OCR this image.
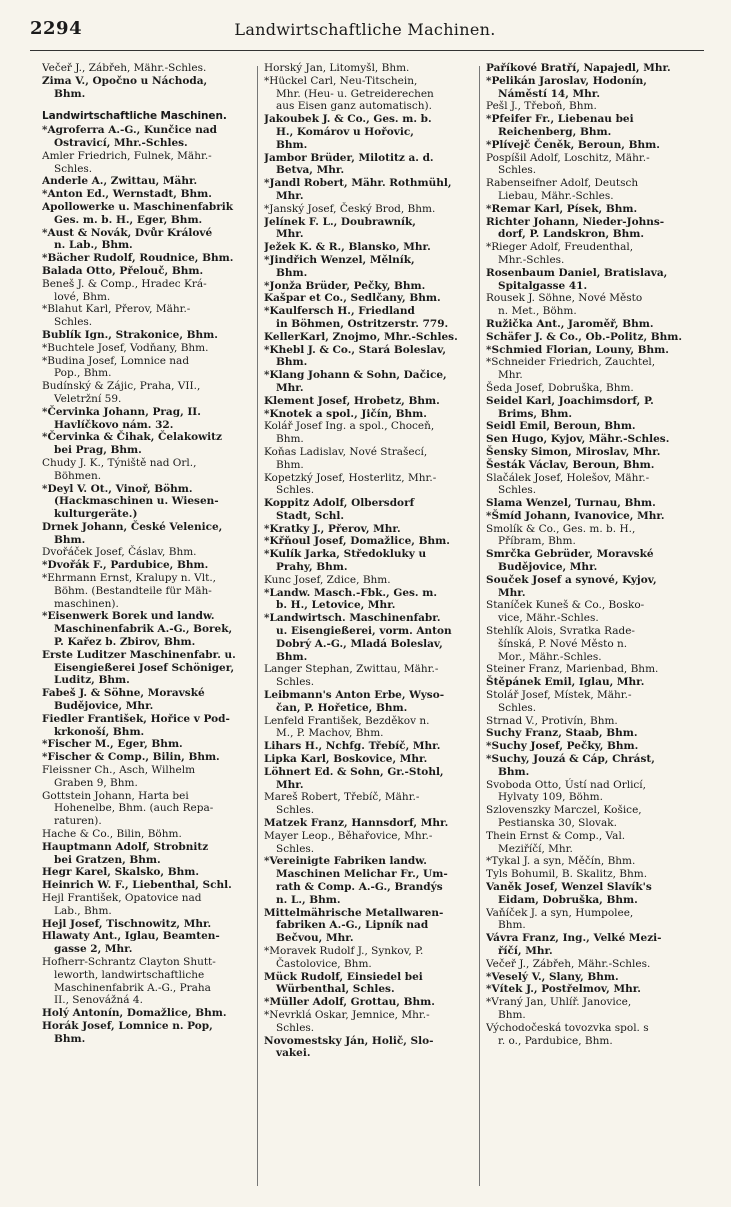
2294	Landwirtschaftliche Machinen.
Večeř J., Zábřeh, Mähr.-Schles.
Zima V., Opočno u Náchoda,
Bhm.
Landwirtschaftliche Maschinen.
*Agroferra A.-G., Kunčice nad
Ostravicí, Mhr.-Schles.
Amler Friedrich, Fulnek, Mähr.-
Schles.
Anderle A., Zwittau, Mähr.
*Anton Ed., Wernstadt, Bhm.
Apollowerke u. Maschinenfabrik
Ges. m. b. H., Eger, Bhm.
*Aust & Novák, Dvůr Králové
n. Lab., Bhm.
*Bächer Rudolf, Roudnice, Bhm.
Balada Otto, Přelouč, Bhm.
Beneš J. & Comp., Hradec Krá-
lové, Bhm.
*Blahut Karl, Přerov, Mähr.-
Schles.
Bublík Ign., Strakonice, Bhm.
*Buchtele Josef, Vodňany, Bhm.
*Budina Josef, Lomnice nad
Pop., Bhm.
Budínský & Zájic, Praha, VII.,
Veletržní 59.
*Červinka Johann, Prag, II.
Havlíčkovo nám. 32.
*Červinka & Čihak, Čelakowitz
bei Prag, Bhm.
Chudy J. K., Týniště nad Orl.,
Böhmen.
*Deyl V. Ot., Vinoř, Böhm.
(Hackmaschinen u. Wiesen-
kulturgeräte.)
Drnek Johann, České Velenice,
Bhm.
Dvořáček Josef, Čáslav, Bhm.
*Dvořák F., Pardubice, Bhm.
*Ehrmann Ernst, Kralupy n. Vlt.,
Böhm. (Bestandteile für Mäh-
maschinen).
*Eisenwerk Borek und landw.
Maschinenfabrik A.-G., Borek,
P. Kařez b. Zbirov, Bhm.
Erste Luditzer Maschinenfabr. u.
Eisengießerei Josef Schöniger,
Luditz, Bhm.
Fabeš J. & Söhne, Moravské
Budějovice, Mhr.
Fiedler František, Hořice v Pod-
krkonoší, Bhm.
*Fischer M., Eger, Bhm.
*Fischer & Comp., Bilin, Bhm.
Fleissner Ch., Asch, Wilhelm
Graben 9, Bhm.
Gottstein Johann, Harta bei
Hohenelbe, Bhm. (auch Repa-
raturen).
Hache & Co., Bilin, Böhm.
Hauptmann Adolf, Strobnitz
bei Gratzen, Bhm.
Hegr Karel, Skalsko, Bhm.
Heinrich W. F., Liebenthal, Schl.
Hejl František, Opatovice nad
Lab., Bhm.
Hejl Josef, Tischnowitz, Mhr.
Hlawaty Ant., Iglau, Beamten-
gasse 2, Mhr.
Hofherr-Schrantz Clayton Shutt-
leworth, landwirtschaftliche
Maschinenfabrik A.-G., Praha
II., Senovážná 4.
Holý Antonín, Domažlice, Bhm.
Horák Josef, Lomnice n. Pop,
Bhm.
Horský Jan, Litomyšl, Bhm.
*Hückel Carl, Neu-Titschein,
Mhr. (Heu- u. Getreiderechen
aus Eisen ganz automatisch).
Jakoubek J. & Co., Ges. m. b.
H., Komárov u Hořovic,
Bhm.
Jambor Brüder, Milotitz a. d.
Betva, Mhr.
*Jandl Robert, Mähr. Rothmühl,
Mhr.
*Janský Josef, Český Brod, Bhm.
Jelínek F. L., Doubrawník,
Mhr.
Ježek K. & R., Blansko, Mhr.
*Jindřich Wenzel, Mělník,
Bhm.
*Jonža Brüder, Pečky, Bhm.
Kašpar et Co., Sedlčany, Bhm.
*Kaulfersch H., Friedland
in Böhmen, Ostritzerstr. 779.
KellerKarl, Znojmo, Mhr.-Schles.
*Khebl J. & Co., Stará Boleslav,
Bhm.
*Klang Johann & Sohn, Dačice,
Mhr.
Klement Josef, Hrobetz, Bhm.
*Knotek a spol., Jičín, Bhm.
Kolář Josef Ing. a spol., Choceň,
Bhm.
Koňas Ladislav, Nové Strašecí,
Bhm.
Kopetzký Josef, Hosterlitz, Mhr.-
Schles.
Koppitz Adolf, Olbersdorf
Stadt, Schl.
*Kratky J., Přerov, Mhr.
*Křňoul Josef, Domažlice, Bhm.
*Kulík Jarka, Středokluky u
Prahy, Bhm.
Kunc Josef, Zdice, Bhm.
*Landw. Masch.-Fbk., Ges. m.
b. H., Letovice, Mhr.
*Landwirtsch. Maschinenfabr.
u. Eisengießerei, vorm. Anton
Dobrý A.-G., Mladá Boleslav,
Bhm.
Langer Stephan, Zwittau, Mähr.-
Schles.
Leibmann's Anton Erbe, Wyso-
čan, P. Hořetice, Bhm.
Lenfeld František, Bezděkov n.
M., P. Machov, Bhm.
Lihars H., Nchfg. Třebíč, Mhr.
Lipka Karl, Boskovice, Mhr.
Löhnert Ed. & Sohn, Gr.-Stohl,
Mhr.
Mareš Robert, Třebíč, Mähr.-
Schles.
Matzek Franz, Hannsdorf, Mhr.
Mayer Leop., Běhařovice, Mhr.-
Schles.
*Vereinigte Fabriken landw.
Maschinen Melichar Fr., Um-
rath & Comp. A.-G., Brandýs
n. L., Bhm.
Mittelmährische Metallwaren-
fabriken A.-G., Lipník nad
Bečvou, Mhr.
*Moravek Rudolf J., Synkov, P.
Častolovice, Bhm.
Mück Rudolf, Einsiedel bei
Würbenthal, Schles.
*Müller Adolf, Grottau, Bhm.
*Nevrklá Oskar, Jemnice, Mhr.-
Schles.
Novomestsky Ján, Holič, Slo-
vakei.
Paříkové Bratří, Napajedl, Mhr.
*Pelikán Jaroslav, Hodonín,
Náměstí 14, Mhr.
Pešl J., Třeboň, Bhm.
*Pfeifer Fr., Liebenau bei
Reichenberg, Bhm.
*Plívejč Čeněk, Beroun, Bhm.
Pospíšil Adolf, Loschitz, Mähr.-
Schles.
Rabenseifner Adolf, Deutsch
Liebau, Mähr.-Schles.
*Remar Karl, Písek, Bhm.
Richter Johann, Nieder-Johns-
dorf, P. Landskron, Bhm.
*Rieger Adolf, Freudenthal,
Mhr.-Schles.
Rosenbaum Daniel, Bratislava,
Spitalgasse 41.
Rousek J. Söhne, Nové Město
n. Met., Böhm.
Ružička Ant., Jaroměř, Bhm.
Schäfer J. & Co., Ob.-Politz, Bhm.
*Schmied Florian, Louny, Bhm.
*Schneider Friedrich, Zauchtel,
Mhr.
Šeda Josef, Dobruška, Bhm.
Seidel Karl, Joachimsdorf, P.
Brims, Bhm.
Seidl Emil, Beroun, Bhm.
Sen Hugo, Kyjov, Mähr.-Schles.
Šensky Simon, Miroslav, Mhr.
Šesták Václav, Beroun, Bhm.
Slačálek Josef, Holešov, Mähr.-
Schles.
Slama Wenzel, Turnau, Bhm.
*Šmíd Johann, Ivanovice, Mhr.
Smolík & Co., Ges. m. b. H.,
Příbram, Bhm.
Smrčka Gebrüder, Moravské
Budějovice, Mhr.
Souček Josef a synové, Kyjov,
Mhr.
Staníček Kuneš & Co., Bosko-
vice, Mähr.-Schles.
Stehlík Alois, Svratka Rade-
šínská, P. Nové Město n.
Mor., Mähr.-Schles.
Steiner Franz, Marienbad, Bhm.
Štěpánek Emil, Iglau, Mhr.
Stolář Josef, Místek, Mähr.-
Schles.
Strnad V., Protivín, Bhm.
Suchy Franz, Staab, Bhm.
*Suchy Josef, Pečky, Bhm.
*Suchy, Jouzá & Cáp, Chrást,
Bhm.
Svoboda Otto, Ústí nad Orlicí,
Hylvaty 109, Böhm.
Szlovenszky Marczel, Košice,
Pestianska 30, Slovak.
Thein Ernst & Comp., Val.
Meziříčí, Mhr.
*Tykal J. a syn, Měčín, Bhm.
Tyls Bohumil, B. Skalitz, Bhm.
Vaněk Josef, Wenzel Slavík's
Eidam, Dobruška, Bhm.
Vaňíček J. a syn, Humpolee,
Bhm.
Vávra Franz, Ing., Velké Mezi-
říčí, Mhr.
Večeř J., Zábřeh, Mähr.-Schles.
*Veselý V., Slany, Bhm.
*Vítek J., Postřelmov, Mhr.
*Vraný Jan, Uhlíř. Janovice,
Bhm.
Východočeská tovozvka spol. s
r. o., Pardubice, Bhm.
